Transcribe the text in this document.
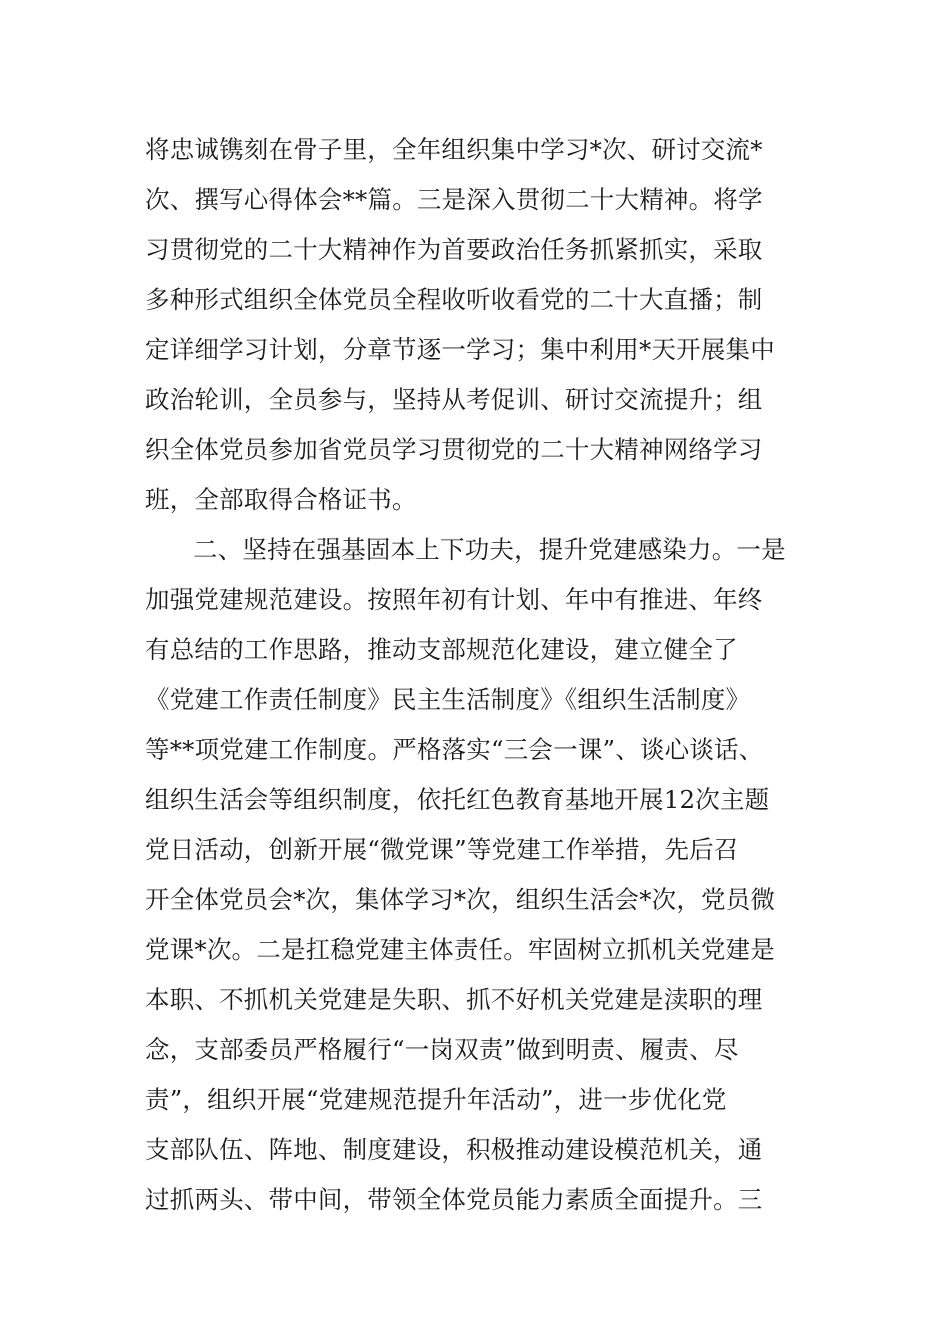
将忠诚镌刻在骨子里，全年组织集中学习*次、研讨交流*
次、撰写心得体会**篇。三是深入贯彻二十大精神。将学
习贯彻党的二十大精神作为首要政治任务抓紧抓实，采取
多种形式组织全体党员全程收听收看党的二十大直播；制
定详细学习计划，分章节逐一学习；集中利用*天开展集中
政治轮训，全员参与，坚持从考促训、研讨交流提升；组
织全体党员参加省党员学习贯彻党的二十大精神网络学习
班，全部取得合格证书。
二、坚持在强基固本上下功夫，提升党建感染力。一是
加强党建规范建设。按照年初有计划、年中有推进、年终
有总结的工作思路，推动支部规范化建设，建立健全了
《党建工作责任制度》民主生活制度》《组织生活制度》
等**项党建工作制度。严格落实“三会一课”、谈心谈话、
组织生活会等组织制度，依托红色教育基地开展12次主题
党日活动，创新开展“微党课”等党建工作举措，先后召
开全体党员会*次，集体学习*次，组织生活会*次，党员微
党课*次。二是扛稳党建主体责任。牢固树立抓机关党建是
本职、不抓机关党建是失职、抓不好机关党建是渎职的理
念，支部委员严格履行“一岗双责”做到明责、履责、尽
责”，组织开展“党建规范提升年活动”，进一步优化党
支部队伍、阵地、制度建设，积极推动建设模范机关，通
过抓两头、带中间，带领全体党员能力素质全面提升。三
